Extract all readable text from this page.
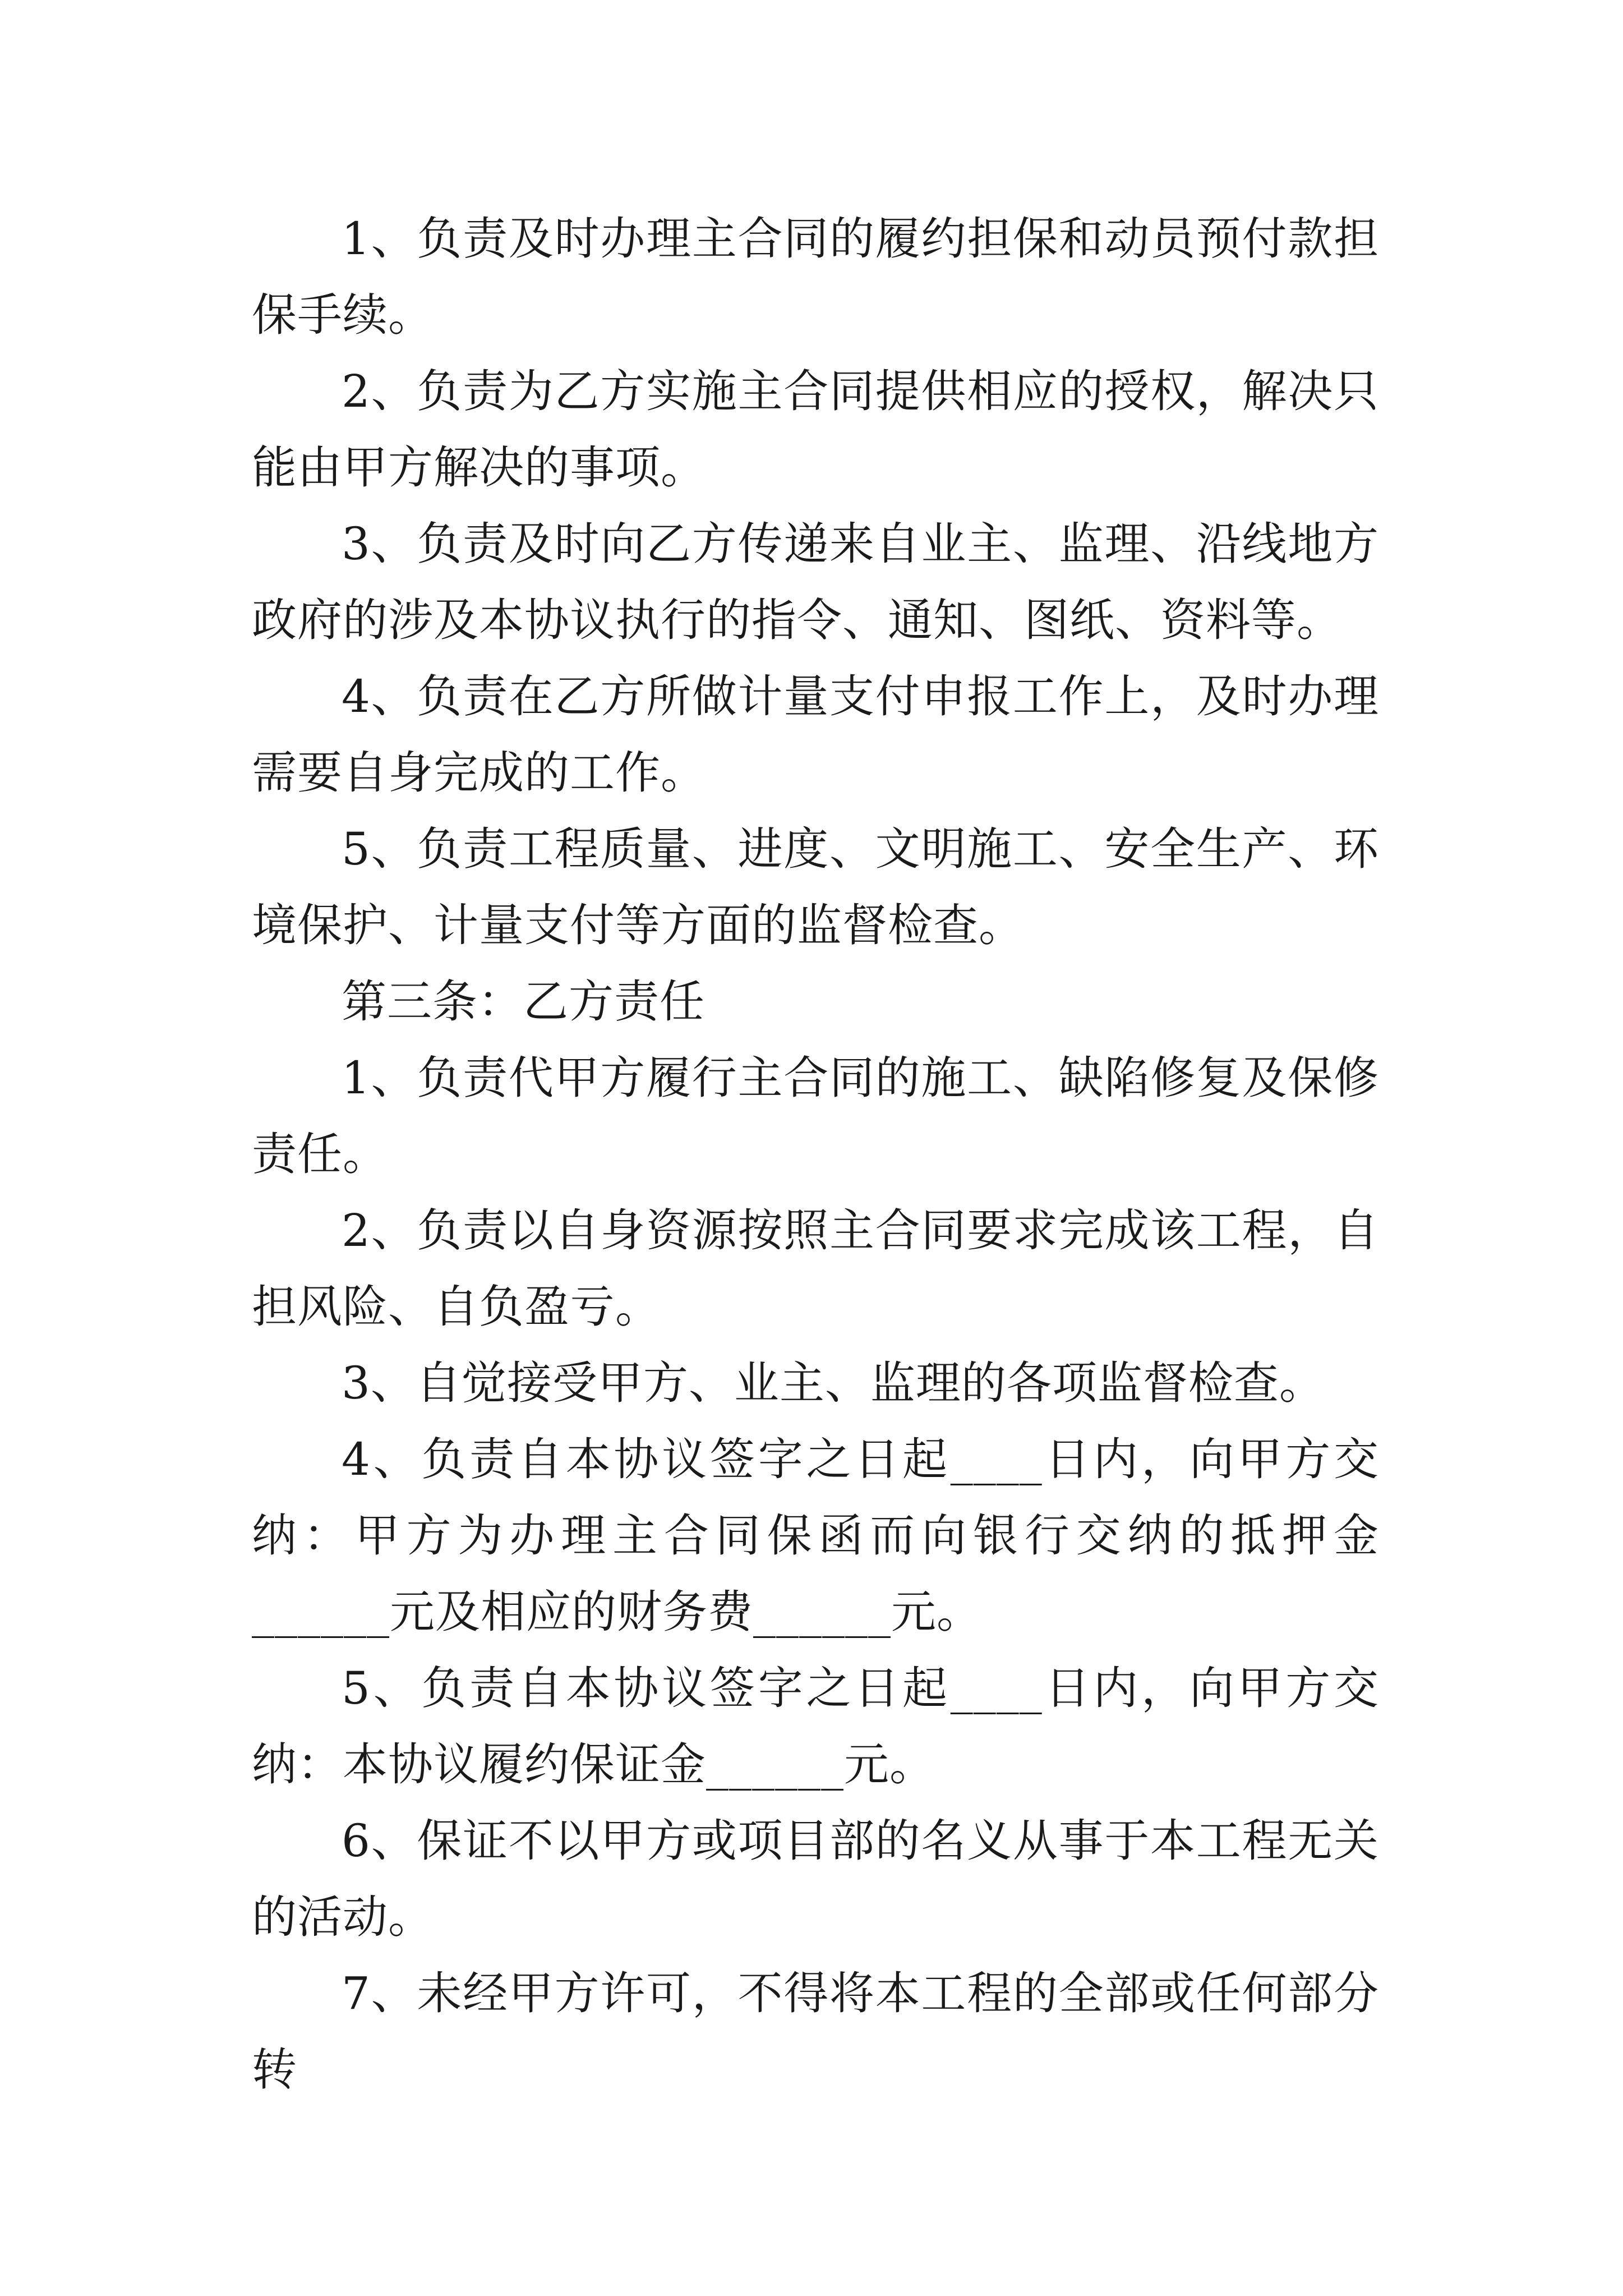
1、负责及时办理主合同的履约担保和动员预付款担保手续。

2、负责为乙方实施主合同提供相应的授权，解决只能由甲方解决的事项。

3、负责及时向乙方传递来自业主、监理、沿线地方政府的涉及本协议执行的指令、通知、图纸、资料等。

4、负责在乙方所做计量支付申报工作上，及时办理需要自身完成的工作。

5、负责工程质量、进度、文明施工、安全生产、环境保护、计量支付等方面的监督检查。

第三条：乙方责任

1、负责代甲方履行主合同的施工、缺陷修复及保修责任。

2、负责以自身资源按照主合同要求完成该工程，自担风险、自负盈亏。

3、自觉接受甲方、业主、监理的各项监督检查。

4、负责自本协议签字之日起____日内，向甲方交纳：甲方为办理主合同保函而向银行交纳的抵押金______元及相应的财务费______元。

5、负责自本协议签字之日起____日内，向甲方交纳：本协议履约保证金______元。

6、保证不以甲方或项目部的名义从事于本工程无关的活动。

7、未经甲方许可，不得将本工程的全部或任何部分转
